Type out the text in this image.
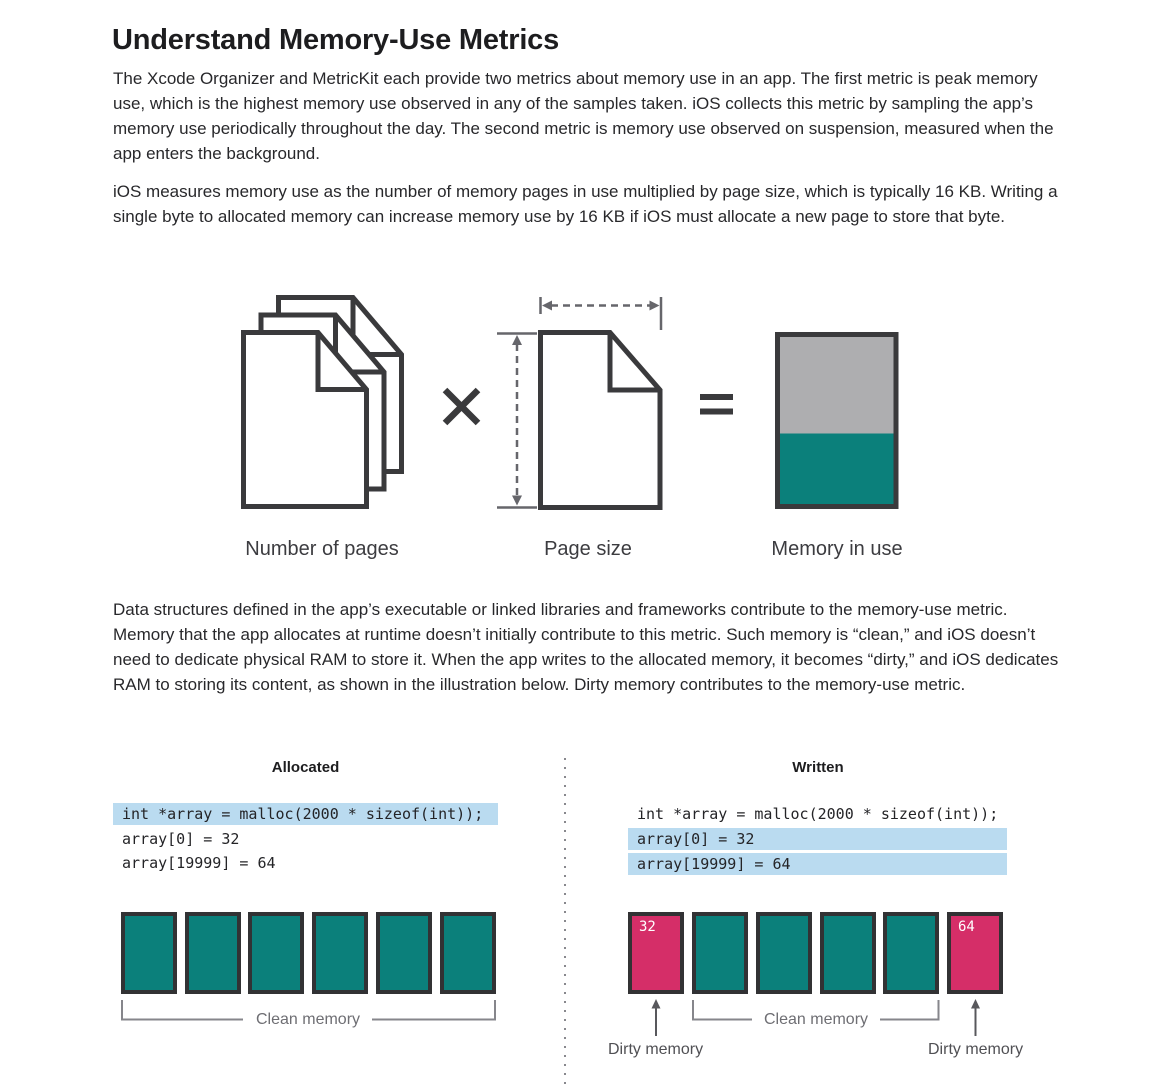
Understand Memory-Use Metrics

The Xcode Organizer and MetricKit each provide two metrics about memory use in an app. The first metric is peak memory use, which is the highest memory use observed in any of the samples taken. iOS collects this metric by sampling the app’s memory use periodically throughout the day. The second metric is memory use observed on suspension, measured when the app enters the background.

iOS measures memory use as the number of memory pages in use multiplied by page size, which is typically 16 KB. Writing a single byte to allocated memory can increase memory use by 16 KB if iOS must allocate a new page to store that byte.

Data structures defined in the app’s executable or linked libraries and frameworks contribute to the memory-use metric. Memory that the app allocates at runtime doesn’t initially contribute to this metric. Such memory is “clean,” and iOS doesn’t need to dedicate physical RAM to store it. When the app writes to the allocated memory, it becomes “dirty,” and iOS dedicates RAM to storing its content, as shown in the illustration below. Dirty memory contributes to the memory-use metric.

Number of pages	Page size	Memory in use
Allocated
int *array = malloc(2000 * sizeof(int));
array[0] = 32
array[19999] = 64
Clean memory
Written
int *array = malloc(2000 * sizeof(int));
array[0] = 32
array[19999] = 64
32	64
Clean memory
Dirty memory	Dirty memory
